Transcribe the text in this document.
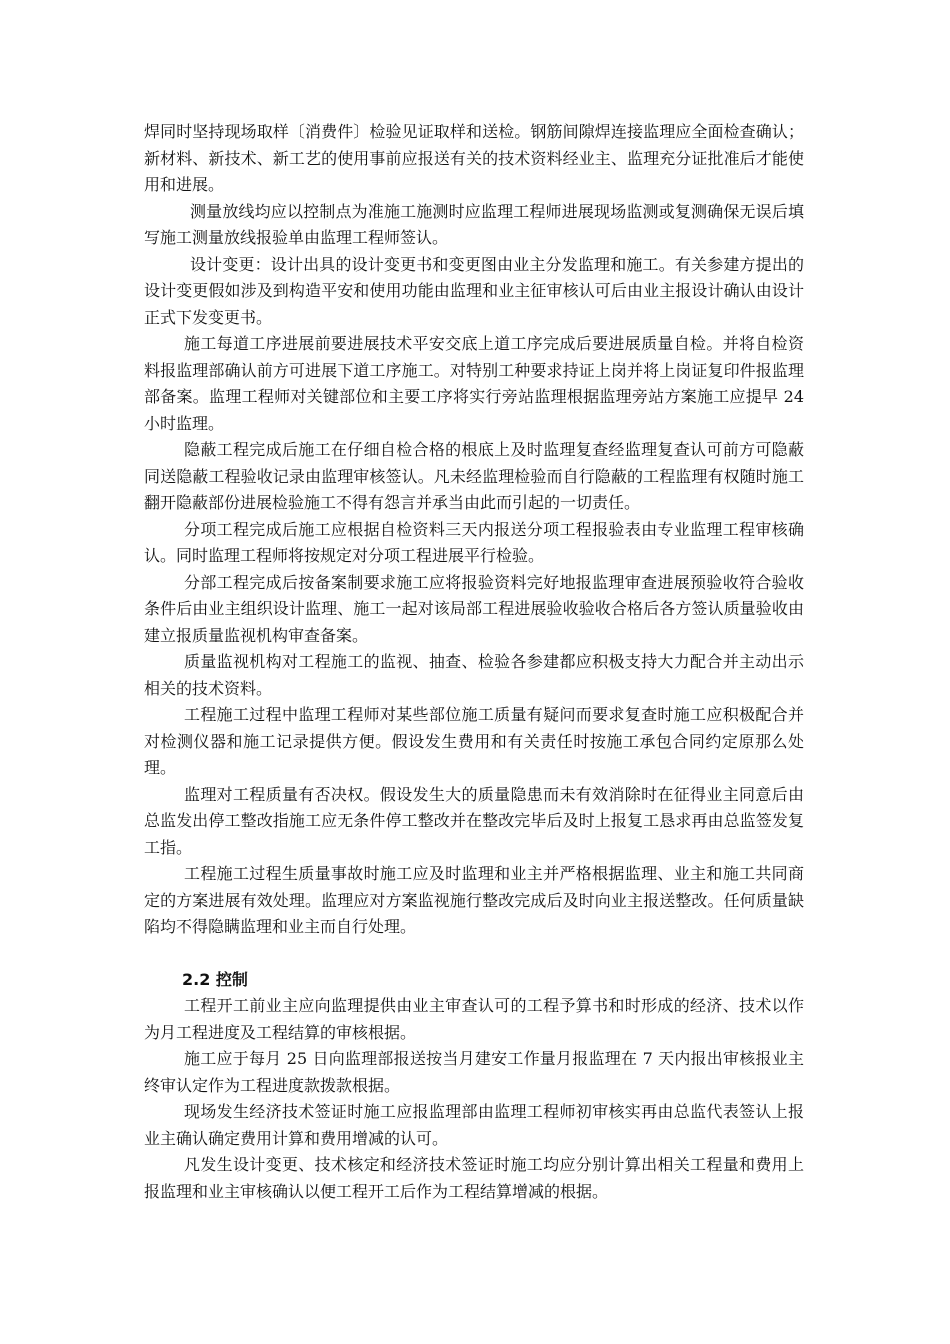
焊同时坚持现场取样〔消费件〕检验见证取样和送检。钢筋间隙焊连接监理应全面检查确认；新材料、新技术、新工艺的使用事前应报送有关的技术资料经业主、监理充分证批准后才能使用和进展。

测量放线均应以控制点为准施工施测时应监理工程师进展现场监测或复测确保无误后填写施工测量放线报验单由监理工程师签认。

设计变更：设计出具的设计变更书和变更图由业主分发监理和施工。有关参建方提出的设计变更假如涉及到构造平安和使用功能由监理和业主征审核认可后由业主报设计确认由设计正式下发变更书。

施工每道工序进展前要进展技术平安交底上道工序完成后要进展质量自检。并将自检资料报监理部确认前方可进展下道工序施工。对特别工种要求持证上岗并将上岗证复印件报监理部备案。监理工程师对关键部位和主要工序将实行旁站监理根据监理旁站方案施工应提早 24 小时监理。

隐蔽工程完成后施工在仔细自检合格的根底上及时监理复查经监理复查认可前方可隐蔽同送隐蔽工程验收记录由监理审核签认。凡未经监理检验而自行隐蔽的工程监理有权随时施工翻开隐蔽部份进展检验施工不得有怨言并承当由此而引起的一切责任。

分项工程完成后施工应根据自检资料三天内报送分项工程报验表由专业监理工程审核确认。同时监理工程师将按规定对分项工程进展平行检验。

分部工程完成后按备案制要求施工应将报验资料完好地报监理审查进展预验收符合验收条件后由业主组织设计监理、施工一起对该局部工程进展验收验收合格后各方签认质量验收由建立报质量监视机构审查备案。

质量监视机构对工程施工的监视、抽查、检验各参建都应积极支持大力配合并主动出示相关的技术资料。

工程施工过程中监理工程师对某些部位施工质量有疑问而要求复查时施工应积极配合并对检测仪器和施工记录提供方便。假设发生费用和有关责任时按施工承包合同约定原那么处理。

监理对工程质量有否决权。假设发生大的质量隐患而未有效消除时在征得业主同意后由总监发出停工整改指施工应无条件停工整改并在整改完毕后及时上报复工恳求再由总监签发复工指。

工程施工过程生质量事故时施工应及时监理和业主并严格根据监理、业主和施工共同商定的方案进展有效处理。监理应对方案监视施行整改完成后及时向业主报送整改。任何质量缺陷均不得隐瞒监理和业主而自行处理。

2.2 控制

工程开工前业主应向监理提供由业主审查认可的工程予算书和时形成的经济、技术以作为月工程进度及工程结算的审核根据。

施工应于每月 25 日向监理部报送按当月建安工作量月报监理在 7 天内报出审核报业主终审认定作为工程进度款拨款根据。

现场发生经济技术签证时施工应报监理部由监理工程师初审核实再由总监代表签认上报业主确认确定费用计算和费用增减的认可。

凡发生设计变更、技术核定和经济技术签证时施工均应分别计算出相关工程量和费用上报监理和业主审核确认以便工程开工后作为工程结算增减的根据。
